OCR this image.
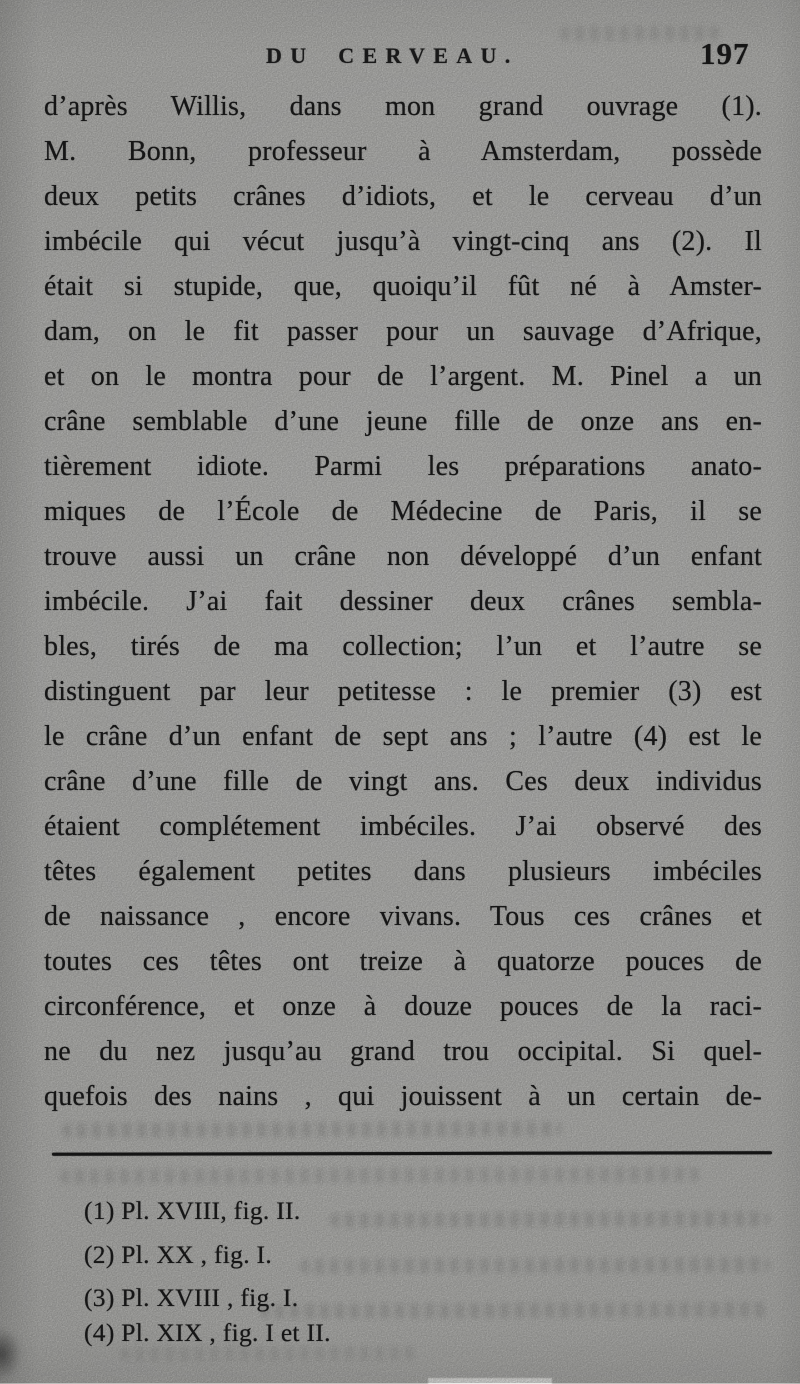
DU CERVEAU.	197
d’après Willis, dans mon grand ouvrage (1).
M. Bonn, professeur à Amsterdam, possède
deux petits crânes d’idiots, et le cerveau d’un
imbécile qui vécut jusqu’à vingt-cinq ans (2). Il
était si stupide, que, quoiqu’il fût né à Amster-
dam, on le fit passer pour un sauvage d’Afrique,
et on le montra pour de l’argent. M. Pinel a un
crâne semblable d’une jeune fille de onze ans en-
tièrement idiote. Parmi les préparations anato-
miques de l’École de Médecine de Paris, il se
trouve aussi un crâne non développé d’un enfant
imbécile. J’ai fait dessiner deux crânes sembla-
bles, tirés de ma collection; l’un et l’autre se
distinguent par leur petitesse : le premier (3) est
le crâne d’un enfant de sept ans ; l’autre (4) est le
crâne d’une fille de vingt ans. Ces deux individus
étaient complétement imbéciles. J’ai observé des
têtes également petites dans plusieurs imbéciles
de naissance , encore vivans. Tous ces crânes et
toutes ces têtes ont treize à quatorze pouces de
circonférence, et onze à douze pouces de la raci-
ne du nez jusqu’au grand trou occipital. Si quel-
quefois des nains , qui jouissent à un certain de-
(1) Pl. XVIII, fig. II.
(2) Pl. XX , fig. I.
(3) Pl. XVIII , fig. I.
(4) Pl. XIX , fig. I et II.
